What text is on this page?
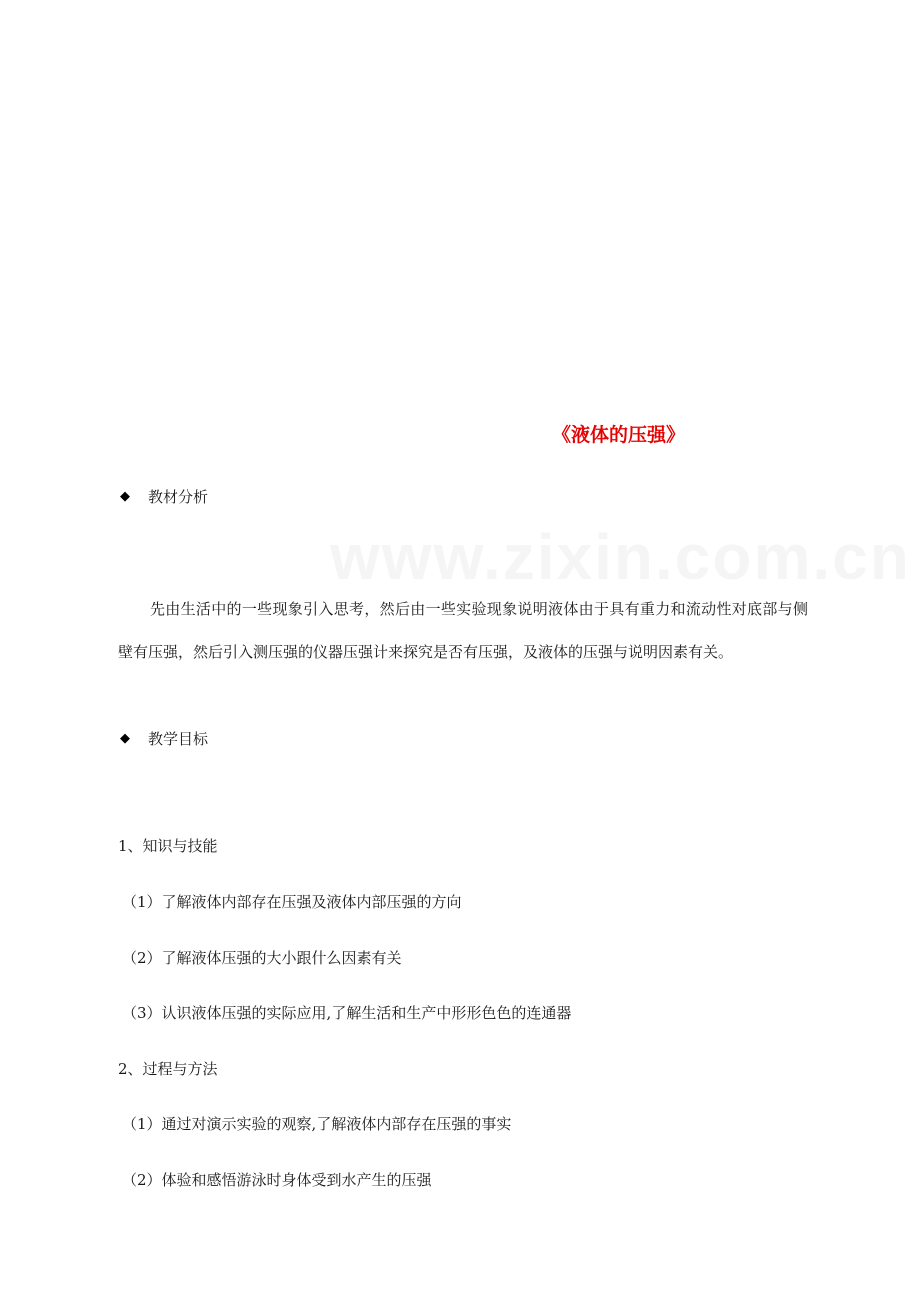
www.zixin.com.cn
《液体的压强》
◆	教材分析

先由生活中的一些现象引入思考，然后由一些实验现象说明液体由于具有重力和流动性对底部与侧壁有压强，然后引入测压强的仪器压强计来探究是否有压强，及液体的压强与说明因素有关。

◆	教学目标
1、知识与技能
（1）了解液体内部存在压强及液体内部压强的方向
（2）了解液体压强的大小跟什么因素有关
（3）认识液体压强的实际应用,了解生活和生产中形形色色的连通器
2、过程与方法
（1）通过对演示实验的观察,了解液体内部存在压强的事实
（2）体验和感悟游泳时身体受到水产生的压强
